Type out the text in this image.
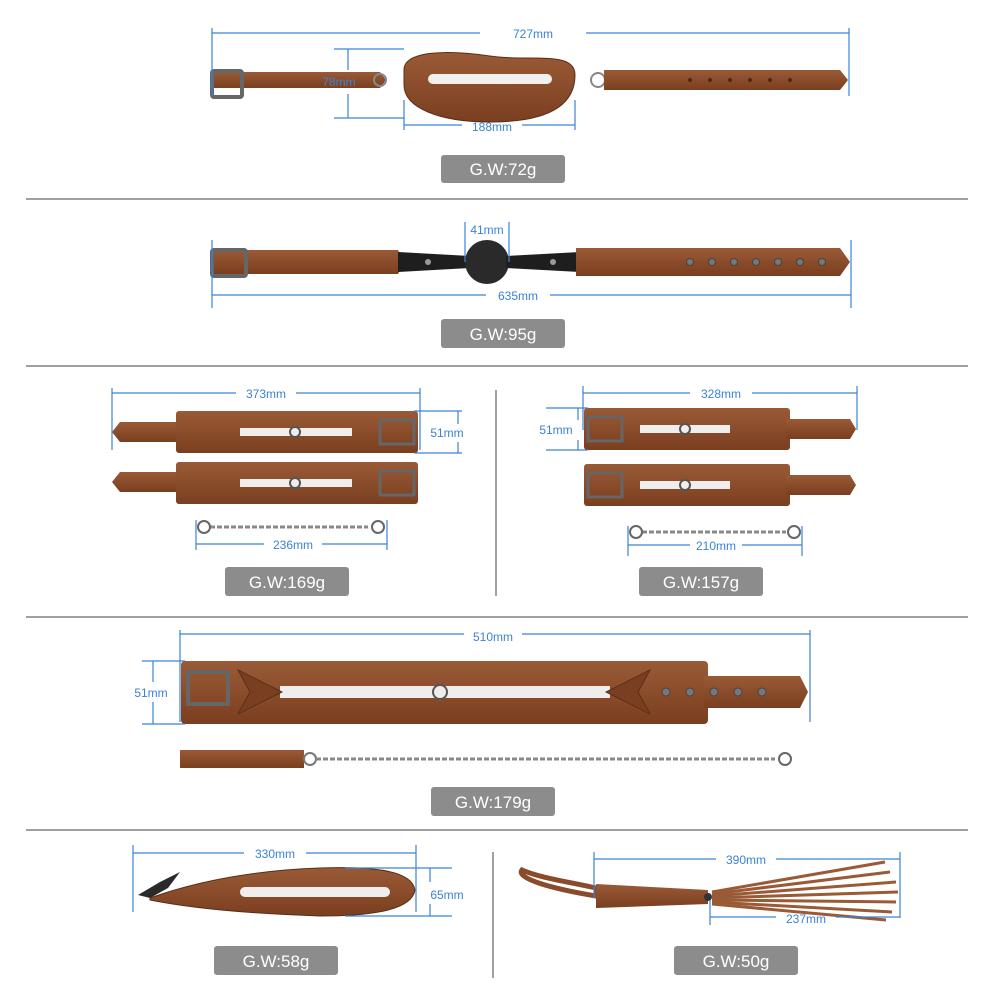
727mm
78mm
188mm
G.W:72g
41mm
635mm
G.W:95g
373mm
51mm
236mm
G.W:169g
328mm
51mm
210mm
G.W:157g
510mm
51mm
G.W:179g
330mm
65mm
G.W:58g
390mm
237mm
G.W:50g
